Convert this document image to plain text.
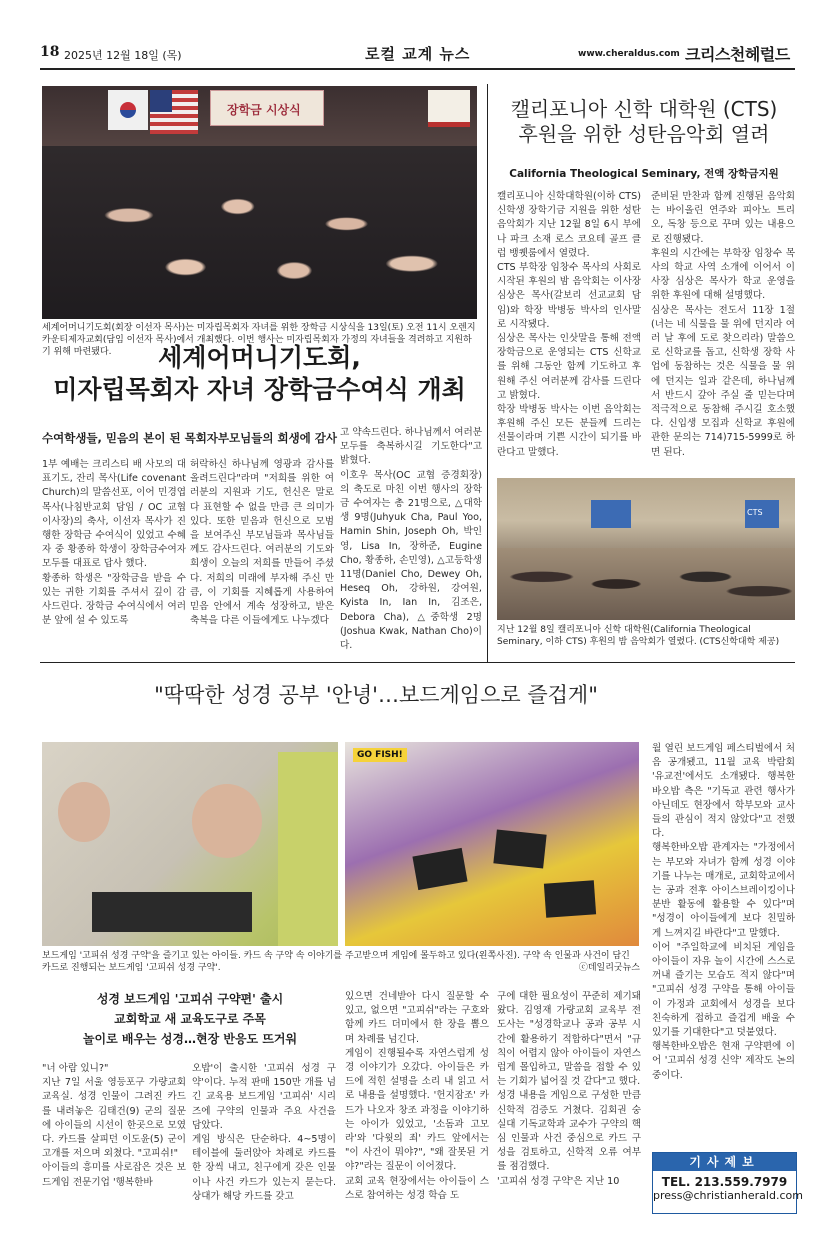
18 2025년 12월 18일 (목)	로컬 교계 뉴스	www.cheraldus.com 크리스천헤럴드
장학금 시상식
세계어머니기도회(회장 이선자 목사)는 미자립목회자 자녀를 위한 장학금 시상식을 13일(토) 오전 11시 오렌지카운티제자교회(담임 이선자 목사)에서 개최했다. 이번 행사는 미자립목회자 가정의 자녀들을 격려하고 지원하기 위해 마련됐다.	세계어머니기도회,
미자립목회자 자녀 장학금수여식 개최
수여학생들, 믿음의 본이 된 목회자부모님들의 희생에 감사
1부 예배는 크리스티 배 사모의 대표기도, 잔리 목사(Life covenant Church)의 말씀선포, 이어 민경엽 목사(나침반교회 담임 / OC 교협 이사장)의 축사, 이선자 목사가 진행한 장학금 수여식이 있었고 수혜자 중 황종하 학생이 장학금수여자 모두를 대표로 답사 했다.
황종하 학생은 "장학금을 받을 수 있는 귀한 기회를 주셔서 깊이 감사드린다. 장학금 수여식에서 여러분 앞에 설 수 있도록
허락하신 하나님께 영광과 감사를 올려드린다"라며 "저희를 위한 여러분의 지원과 기도, 헌신은 말로 다 표현할 수 없을 만큼 큰 의미가 있다. 또한 믿음과 헌신으로 모범을 보여주신 부모님들과 목사님들께도 감사드린다. 여러분의 기도와 희생이 오늘의 저희를 만들어 주셨다. 저희의 미래에 부자해 주신 만큼, 이 기회를 지혜롭게 사용하여 믿음 안에서 계속 성장하고, 받은 축복을 다른 이들에게도 나누겠다
고 약속드린다. 하나님께서 여러분 모두를 축복하시길 기도한다"고 밝혔다.
이호우 목사(OC 교협 증경회장)의 축도로 마친 이번 행사의 장학금 수여자는 총 21명으로, △대학생 9명(Juhyuk Cha, Paul Yoo, Hamin Shin, Joseph Oh, 박인영, Lisa In, 장하준, Eugine Cho, 황종하, 손민영), △고등학생 11명(Daniel Cho, Dewey Oh, Heseq Oh, 강하원, 강여원, Kyista In, Ian In, 김조은, Debora Cha), △중학생 2명(Joshua Kwak, Nathan Cho)이다.
캘리포니아 신학 대학원 (CTS)
후원을 위한 성탄음악회 열려
California Theological Seminary, 전액 장학금지원
캘리포니아 신학대학원(이하 CTS) 신학생 장학기금 지원을 위한 성탄음악회가 지난 12월 8일 6시 부에나 파크 소재 로스 코요테 골프 클럽 뱅퀫룸에서 열렸다.
CTS 부학장 임창수 목사의 사회로 시작된 후원의 밤 음악회는 이사장 심상은 목사(갈보리 선교교회 담임)와 학장 박병동 박사의 인사말로 시작됐다.
심상은 목사는 인삿말을 통해 전액 장학금으로 운영되는 CTS 신학교를 위해 그동안 함께 기도하고 후원해 주신 여러분께 감사를 드린다고 밝혔다.
학장 박병동 박사는 이번 음악회는 후원해 주신 모든 분들께 드리는 선물이라며 기쁜 시간이 되기를 바란다고 말했다.
준비된 만찬과 함께 진행된 음악회는 바이올린 연주와 피아노 트리오, 독창 등으로 꾸며 있는 내용으로 진행됐다.
후원의 시간에는 부학장 임창수 목사의 학교 사역 소개에 이어서 이사장 심상은 목사가 학교 운영을 위한 후원에 대해 설명했다.
심상은 목사는 전도서 11장 1절(너는 네 식물을 물 위에 던지라 여러 날 후에 도로 찾으리라) 말씀으로 신학교를 돕고, 신학생 장학 사업에 동참하는 것은 식물을 물 위에 던지는 일과 같은데, 하나님께서 반드시 갚아 주실 줄 믿는다며 적극적으로 동참해 주시길 호소했다. 신입생 모집과 신학교 후원에 관한 문의는 714)715-5999로 하면 된다.
CTS
지난 12월 8일 캘리포니아 신학 대학원(California Theological Seminary, 이하 CTS) 후원의 밤 음악회가 열렸다. (CTS신학대학 제공)
"딱딱한 성경 공부 '안녕'…보드게임으로 즐겁게"
GO FISH!
보드게임 '고피쉬 성경 구약'을 즐기고 있는 아이들. 카드 속 구약 속 이야기를 주고받으며 게임에 몰두하고 있다(왼쪽사진). 구약 속 인물과 사건이 담긴 카드로 진행되는 보드게임 '고피쉬 성경 구약'.	ⓒ데일리굿뉴스
성경 보드게임 '고피쉬 구약편' 출시
교회학교 새 교육도구로 주목
놀이로 배우는 성경…현장 반응도 뜨거워
"너 아람 있니?"
지난 7일 서울 영등포구 가량교회 교육실. 성경 인물이 그려진 카드를 내려놓은 김태건(9) 군의 질문에 아이들의 시선이 한곳으로 모였다. 카드를 살피던 이도윤(5) 군이 고개를 저으며 외쳤다. "고피쉬!"
아이들의 흥미를 사로잡은 것은 보드게임 전문기업 '행복한바
오밥'이 출시한 '고피쉬 성경 구약'이다. 누적 판매 150만 개를 넘긴 교육용 보드게임 '고피쉬' 시리즈에 구약의 인물과 주요 사건을 담았다.
게임 방식은 단순하다. 4~5명이 테이블에 둘러앉아 차례로 카드를 한 장씩 내고, 친구에게 갖은 인물이나 사건 카드가 있는지 묻는다. 상대가 해당 카드를 갖고
있으면 건네받아 다시 질문할 수 있고, 없으면 "고피쉬"라는 구호와 함께 카드 더미에서 한 장을 뽑으며 차례를 넘긴다.
게임이 진행될수록 자연스럽게 성경 이야기가 오갔다. 아이들은 카드에 적힌 설명을 소리 내 읽고 서로 내용을 설명했다. '헌지잠조' 카드가 나오자 창조 과정을 이야기하는 아이가 있었고, '소돔과 고모라'와 '다윗의 죄' 카드 앞에서는 "이 사건이 뭐야?", "왜 잘못된 거야?"라는 질문이 이어졌다.
교회 교육 현장에서는 아이들이 스스로 참여하는 성경 학습 도
구에 대한 필요성이 꾸준히 제기돼 왔다. 김영재 가량교회 교육부 전도사는 "성경학교나 공과 공부 시간에 활용하기 적합하다"면서 "규칙이 어렵지 않아 아이들이 자연스럽게 몰입하고, 말씀을 접할 수 있는 기회가 넓어질 것 같다"고 했다.
성경 내용을 게임으로 구성한 만큼 신학적 검증도 거쳤다. 김회권 숭실대 기독교학과 교수가 구약의 핵심 인물과 사건 중심으로 카드 구성을 검토하고, 신학적 오류 여부를 점검했다.
'고피쉬 성경 구약'은 지난 10
월 열린 보드게임 페스티벌에서 처음 공개됐고, 11월 교육 박람회 '유교전'에서도 소개됐다. 행복한바오밥 측은 "기독교 관련 행사가 아닌데도 현장에서 학부모와 교사들의 관심이 적지 않았다"고 전했다.
행복한바오밥 관계자는 "가정에서는 부모와 자녀가 함께 성경 이야기를 나누는 매개로, 교회학교에서는 공과 전후 아이스브레이킹이나 분반 활동에 활용할 수 있다"며 "성경이 아이들에게 보다 친밀하게 느껴지길 바란다"고 말했다.
이어 "주일학교에 비치된 게임을 아이들이 자유 놀이 시간에 스스로 꺼내 즐기는 모습도 적지 않다"며 "고피쉬 성경 구약을 통해 아이들이 가정과 교회에서 성경을 보다 친숙하게 접하고 즐겁게 배울 수 있기를 기대한다"고 덧붙였다.
행복한바오밥은 현재 구약편에 이어 '고피쉬 성경 신약' 제작도 논의 중이다.
기사제보
TEL. 213.559.7979
press@christianherald.com
